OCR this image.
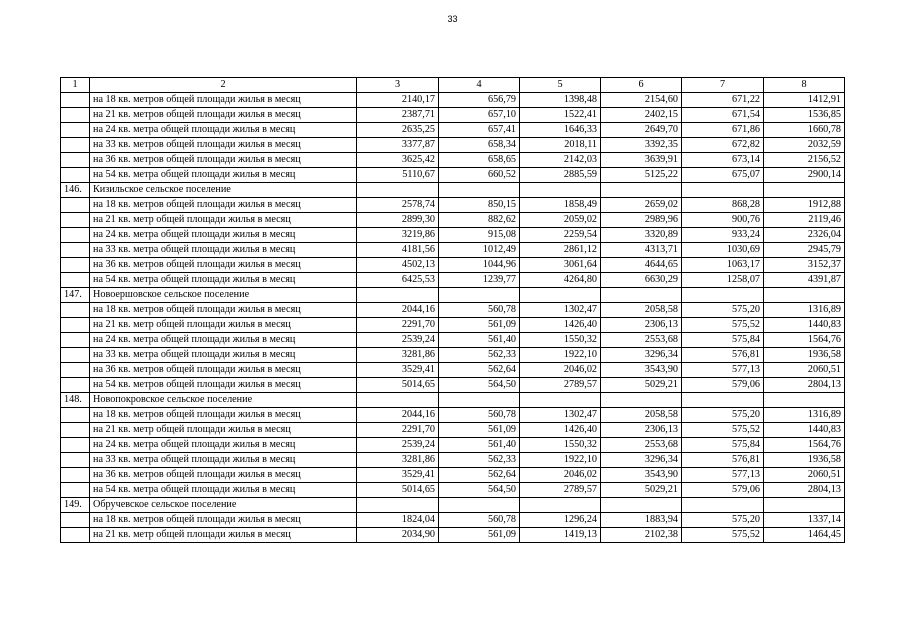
33
1	2	3	4	5	6	7	8
	на 18 кв. метров общей площади жилья в месяц	2140,17	656,79	1398,48	2154,60	671,22	1412,91
	на 21 кв. метров общей площади жилья в месяц	2387,71	657,10	1522,41	2402,15	671,54	1536,85
	на 24 кв. метра общей площади жилья в месяц	2635,25	657,41	1646,33	2649,70	671,86	1660,78
	на 33 кв. метров общей площади жилья в месяц	3377,87	658,34	2018,11	3392,35	672,82	2032,59
	на 36 кв. метров общей площади жилья в месяц	3625,42	658,65	2142,03	3639,91	673,14	2156,52
	на 54 кв. метра общей площади жилья в месяц	5110,67	660,52	2885,59	5125,22	675,07	2900,14
146.	Кизильское сельское поселение						
	на 18 кв. метров общей площади жилья в месяц	2578,74	850,15	1858,49	2659,02	868,28	1912,88
	на 21 кв. метр общей площади жилья в месяц	2899,30	882,62	2059,02	2989,96	900,76	2119,46
	на 24 кв. метра общей площади жилья в месяц	3219,86	915,08	2259,54	3320,89	933,24	2326,04
	на 33 кв. метра общей площади жилья в месяц	4181,56	1012,49	2861,12	4313,71	1030,69	2945,79
	на 36 кв. метров общей площади жилья в месяц	4502,13	1044,96	3061,64	4644,65	1063,17	3152,37
	на 54 кв. метра общей площади жилья в месяц	6425,53	1239,77	4264,80	6630,29	1258,07	4391,87
147.	Новоершовское сельское поселение						
	на 18 кв. метров общей площади жилья в месяц	2044,16	560,78	1302,47	2058,58	575,20	1316,89
	на 21 кв. метр общей площади жилья в месяц	2291,70	561,09	1426,40	2306,13	575,52	1440,83
	на 24 кв. метра общей площади жилья в месяц	2539,24	561,40	1550,32	2553,68	575,84	1564,76
	на 33 кв. метра общей площади жилья в месяц	3281,86	562,33	1922,10	3296,34	576,81	1936,58
	на 36 кв. метров общей площади жилья в месяц	3529,41	562,64	2046,02	3543,90	577,13	2060,51
	на 54 кв. метров общей площади жилья в месяц	5014,65	564,50	2789,57	5029,21	579,06	2804,13
148.	Новопокровское сельское поселение						
	на 18 кв. метров общей площади жилья в месяц	2044,16	560,78	1302,47	2058,58	575,20	1316,89
	на 21 кв. метр общей площади жилья в месяц	2291,70	561,09	1426,40	2306,13	575,52	1440,83
	на 24 кв. метра общей площади жилья в месяц	2539,24	561,40	1550,32	2553,68	575,84	1564,76
	на 33 кв. метра общей площади жилья в месяц	3281,86	562,33	1922,10	3296,34	576,81	1936,58
	на 36 кв. метров общей площади жилья в месяц	3529,41	562,64	2046,02	3543,90	577,13	2060,51
	на 54 кв. метра общей площади жилья в месяц	5014,65	564,50	2789,57	5029,21	579,06	2804,13
149.	Обручевское сельское поселение						
	на 18 кв. метров общей площади жилья в месяц	1824,04	560,78	1296,24	1883,94	575,20	1337,14
	на 21 кв. метр общей площади жилья в месяц	2034,90	561,09	1419,13	2102,38	575,52	1464,45
